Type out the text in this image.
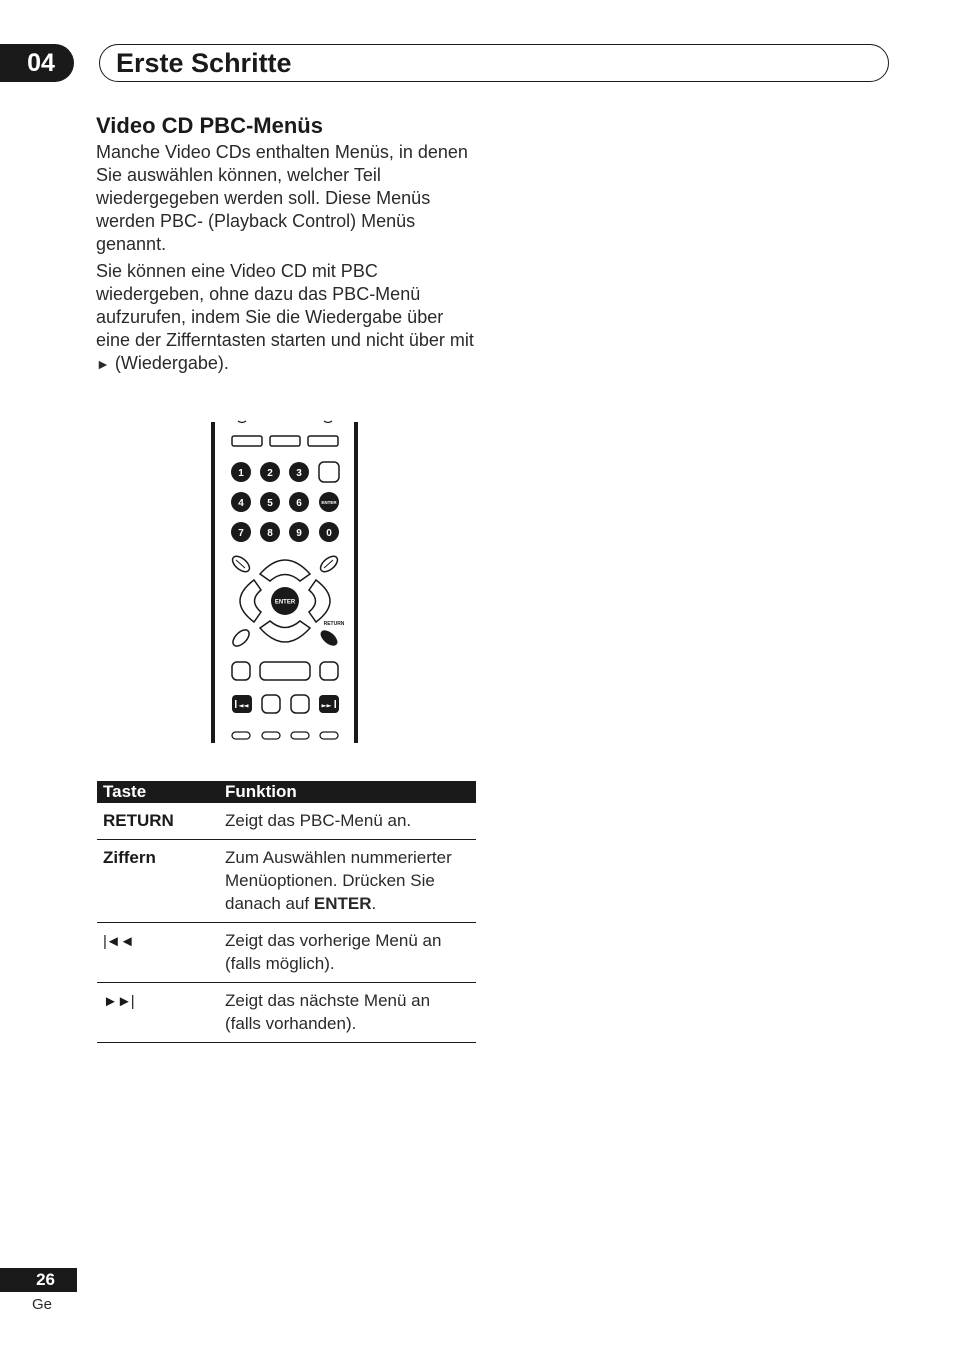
04	Erste Schritte
Video CD PBC-Menüs

Manche Video CDs enthalten Menüs, in denen Sie auswählen können, welcher Teil wiedergegeben werden soll. Diese Menüs werden PBC- (Playback Control) Menüs genannt.

Sie können eine Video CD mit PBC wiedergeben, ohne dazu das PBC-Menü aufzurufen, indem Sie die Wiedergabe über eine der Zifferntasten starten und nicht über mit ► (Wiedergabe).

1 2 3
4 5 6	ENTER
7 8 9 0
ENTER
RETURN
◄◄	►►
Taste	Funktion
RETURN	Zeigt das PBC-Menü an.
Ziffern	Zum Auswählen nummerierter Menüoptionen. Drücken Sie danach auf ENTER.
|◄◄	Zeigt das vorherige Menü an (falls möglich).
►►|	Zeigt das nächste Menü an (falls vorhanden).
26
Ge
